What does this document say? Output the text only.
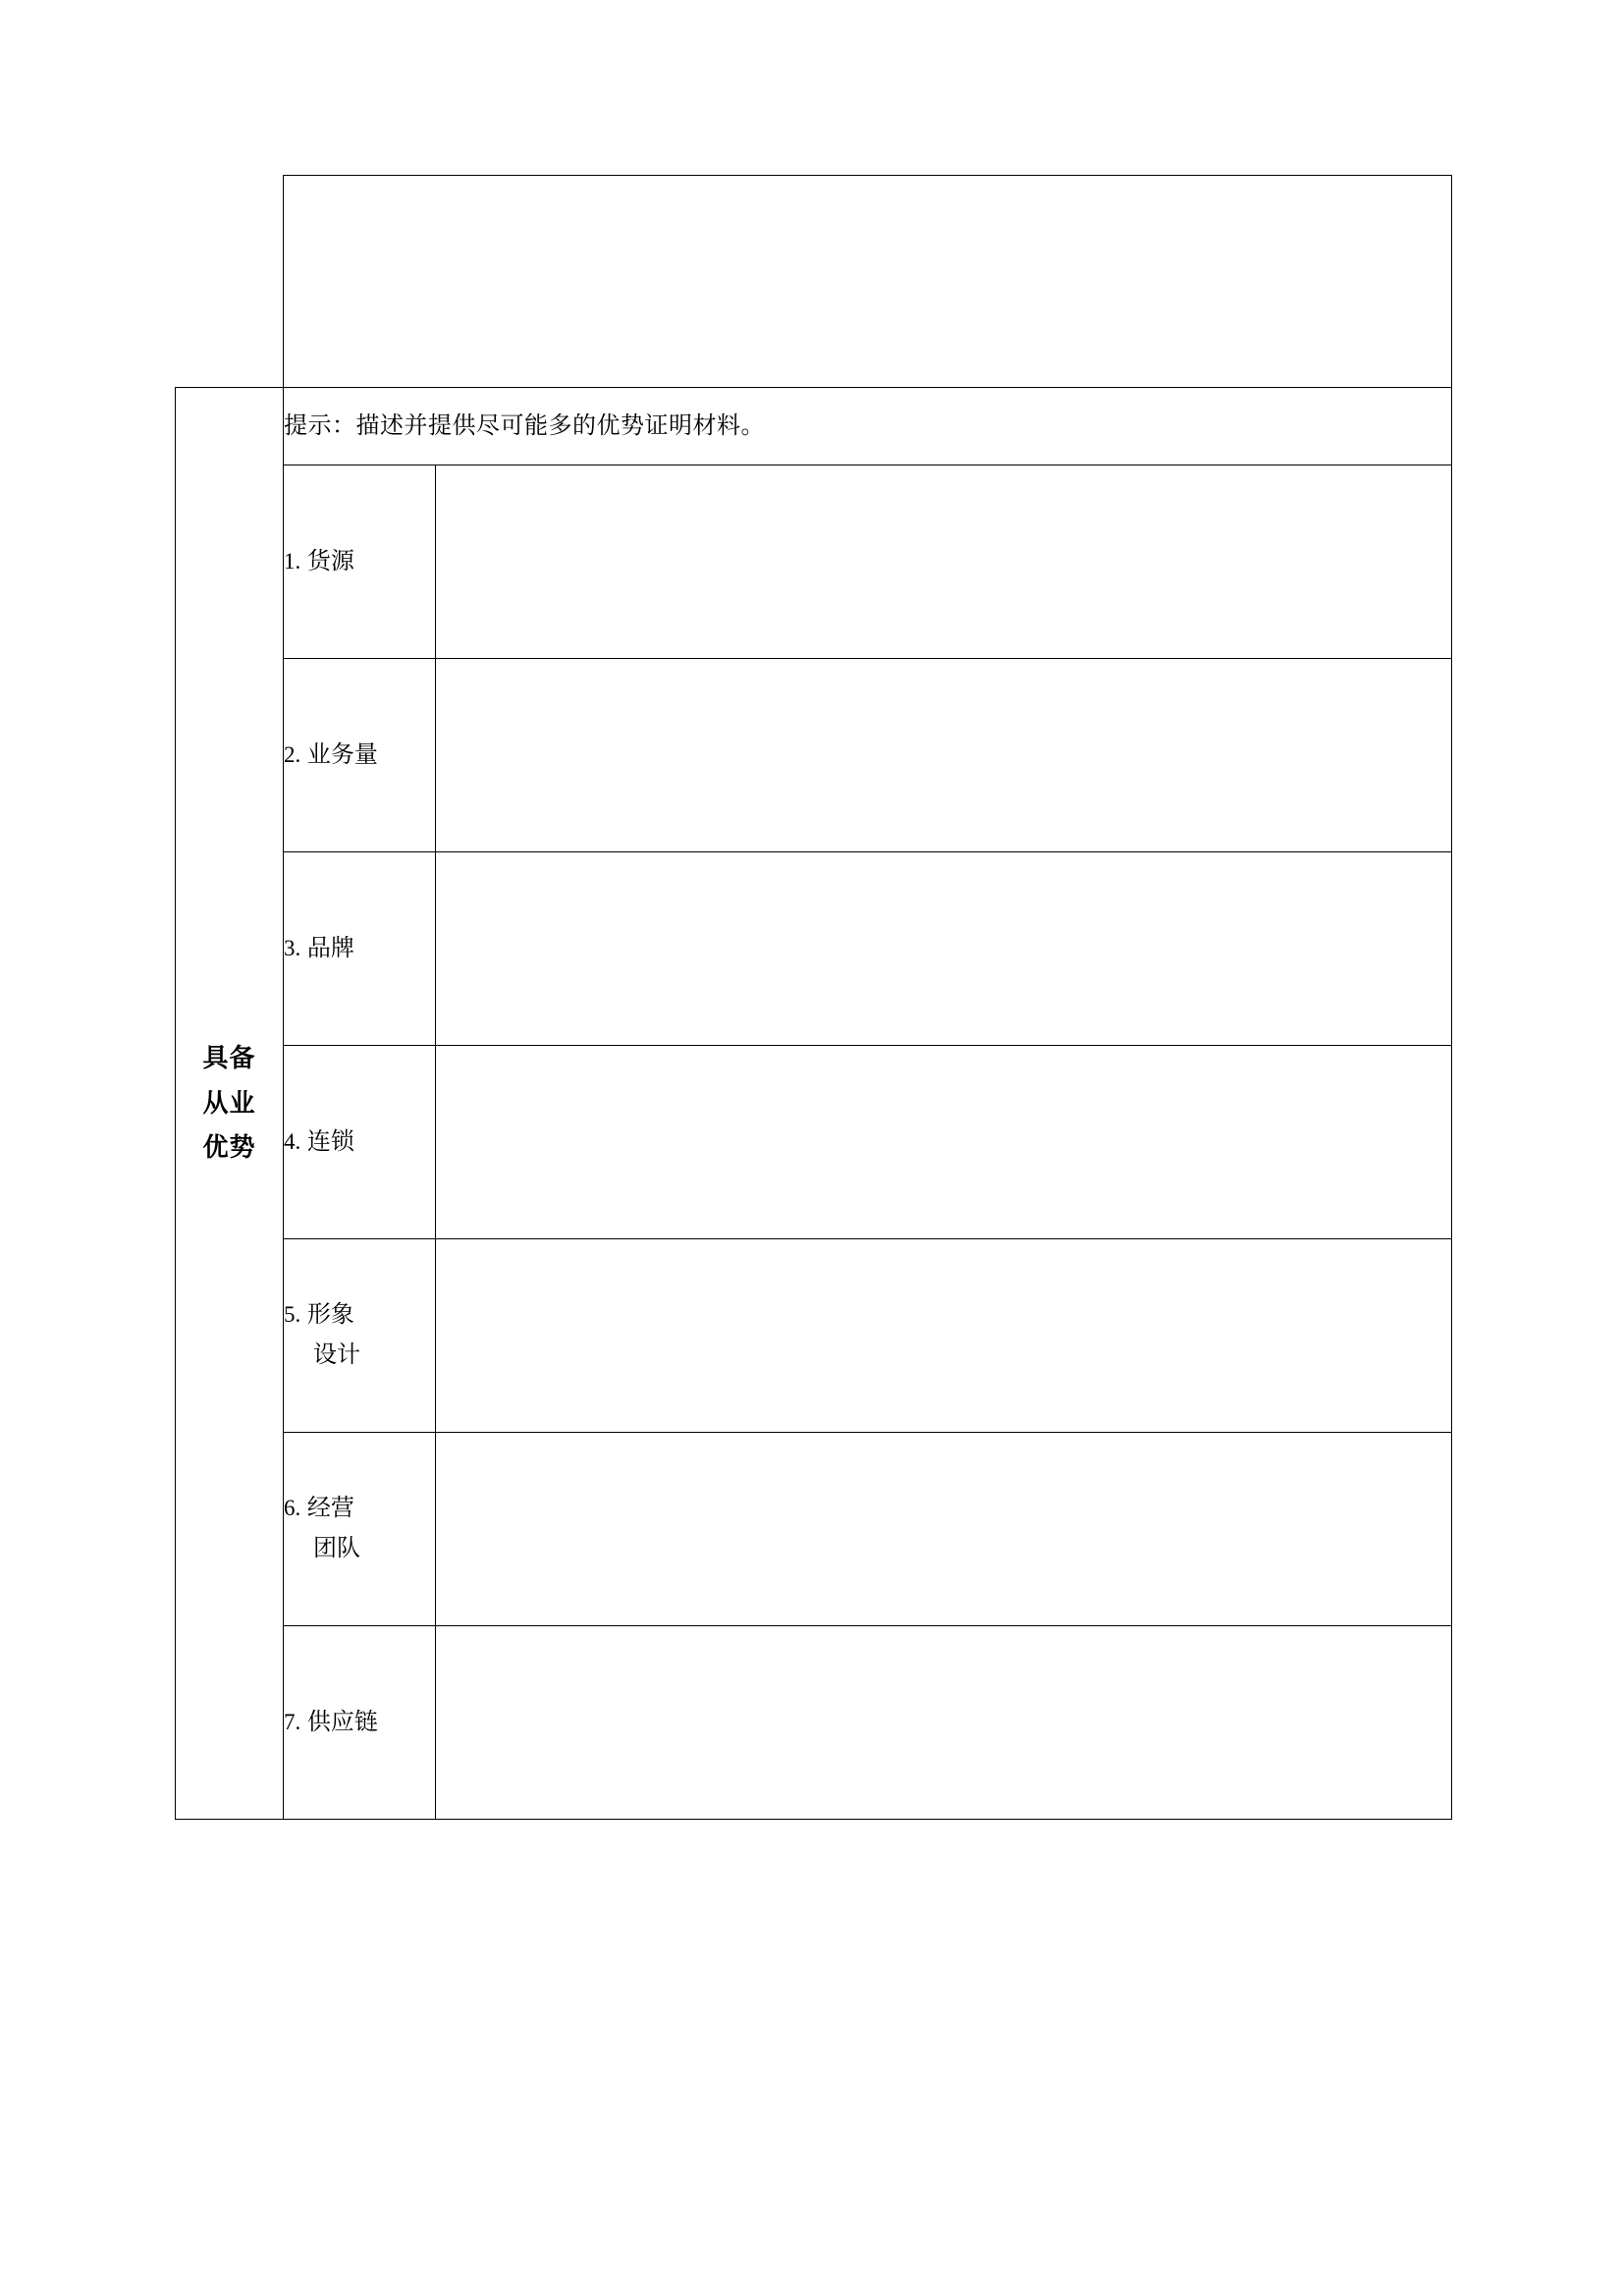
具备
从业
优势	提示：描述并提供尽可能多的优势证明材料。	
	1. 货源	

	2. 业务量	

	3. 品牌	

	4. 连锁	

	5. 形象
设计	

	6. 经营
团队	

	7. 供应链	
